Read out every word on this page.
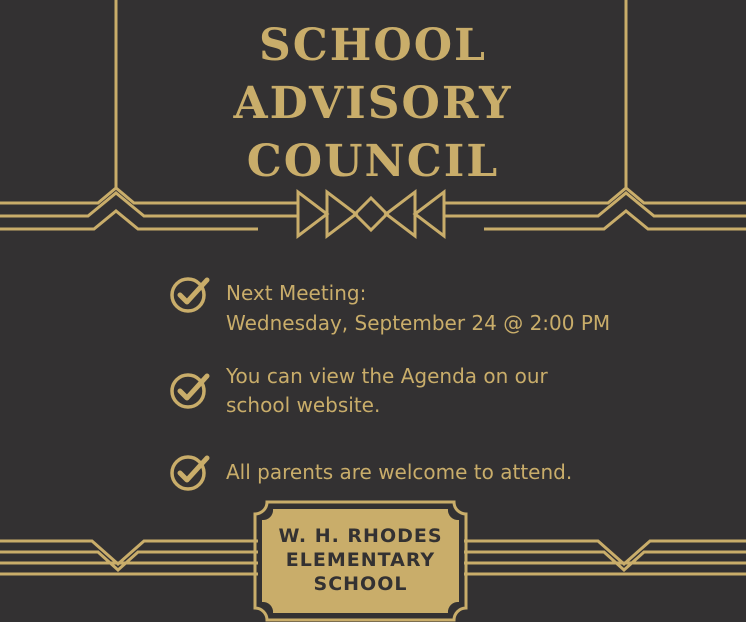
SCHOOL
ADVISORY
COUNCIL
Next Meeting:
Wednesday, September 24 @ 2:00 PM
You can view the Agenda on our
school website.
All parents are welcome to attend.
W. H. RHODES
ELEMENTARY
SCHOOL
